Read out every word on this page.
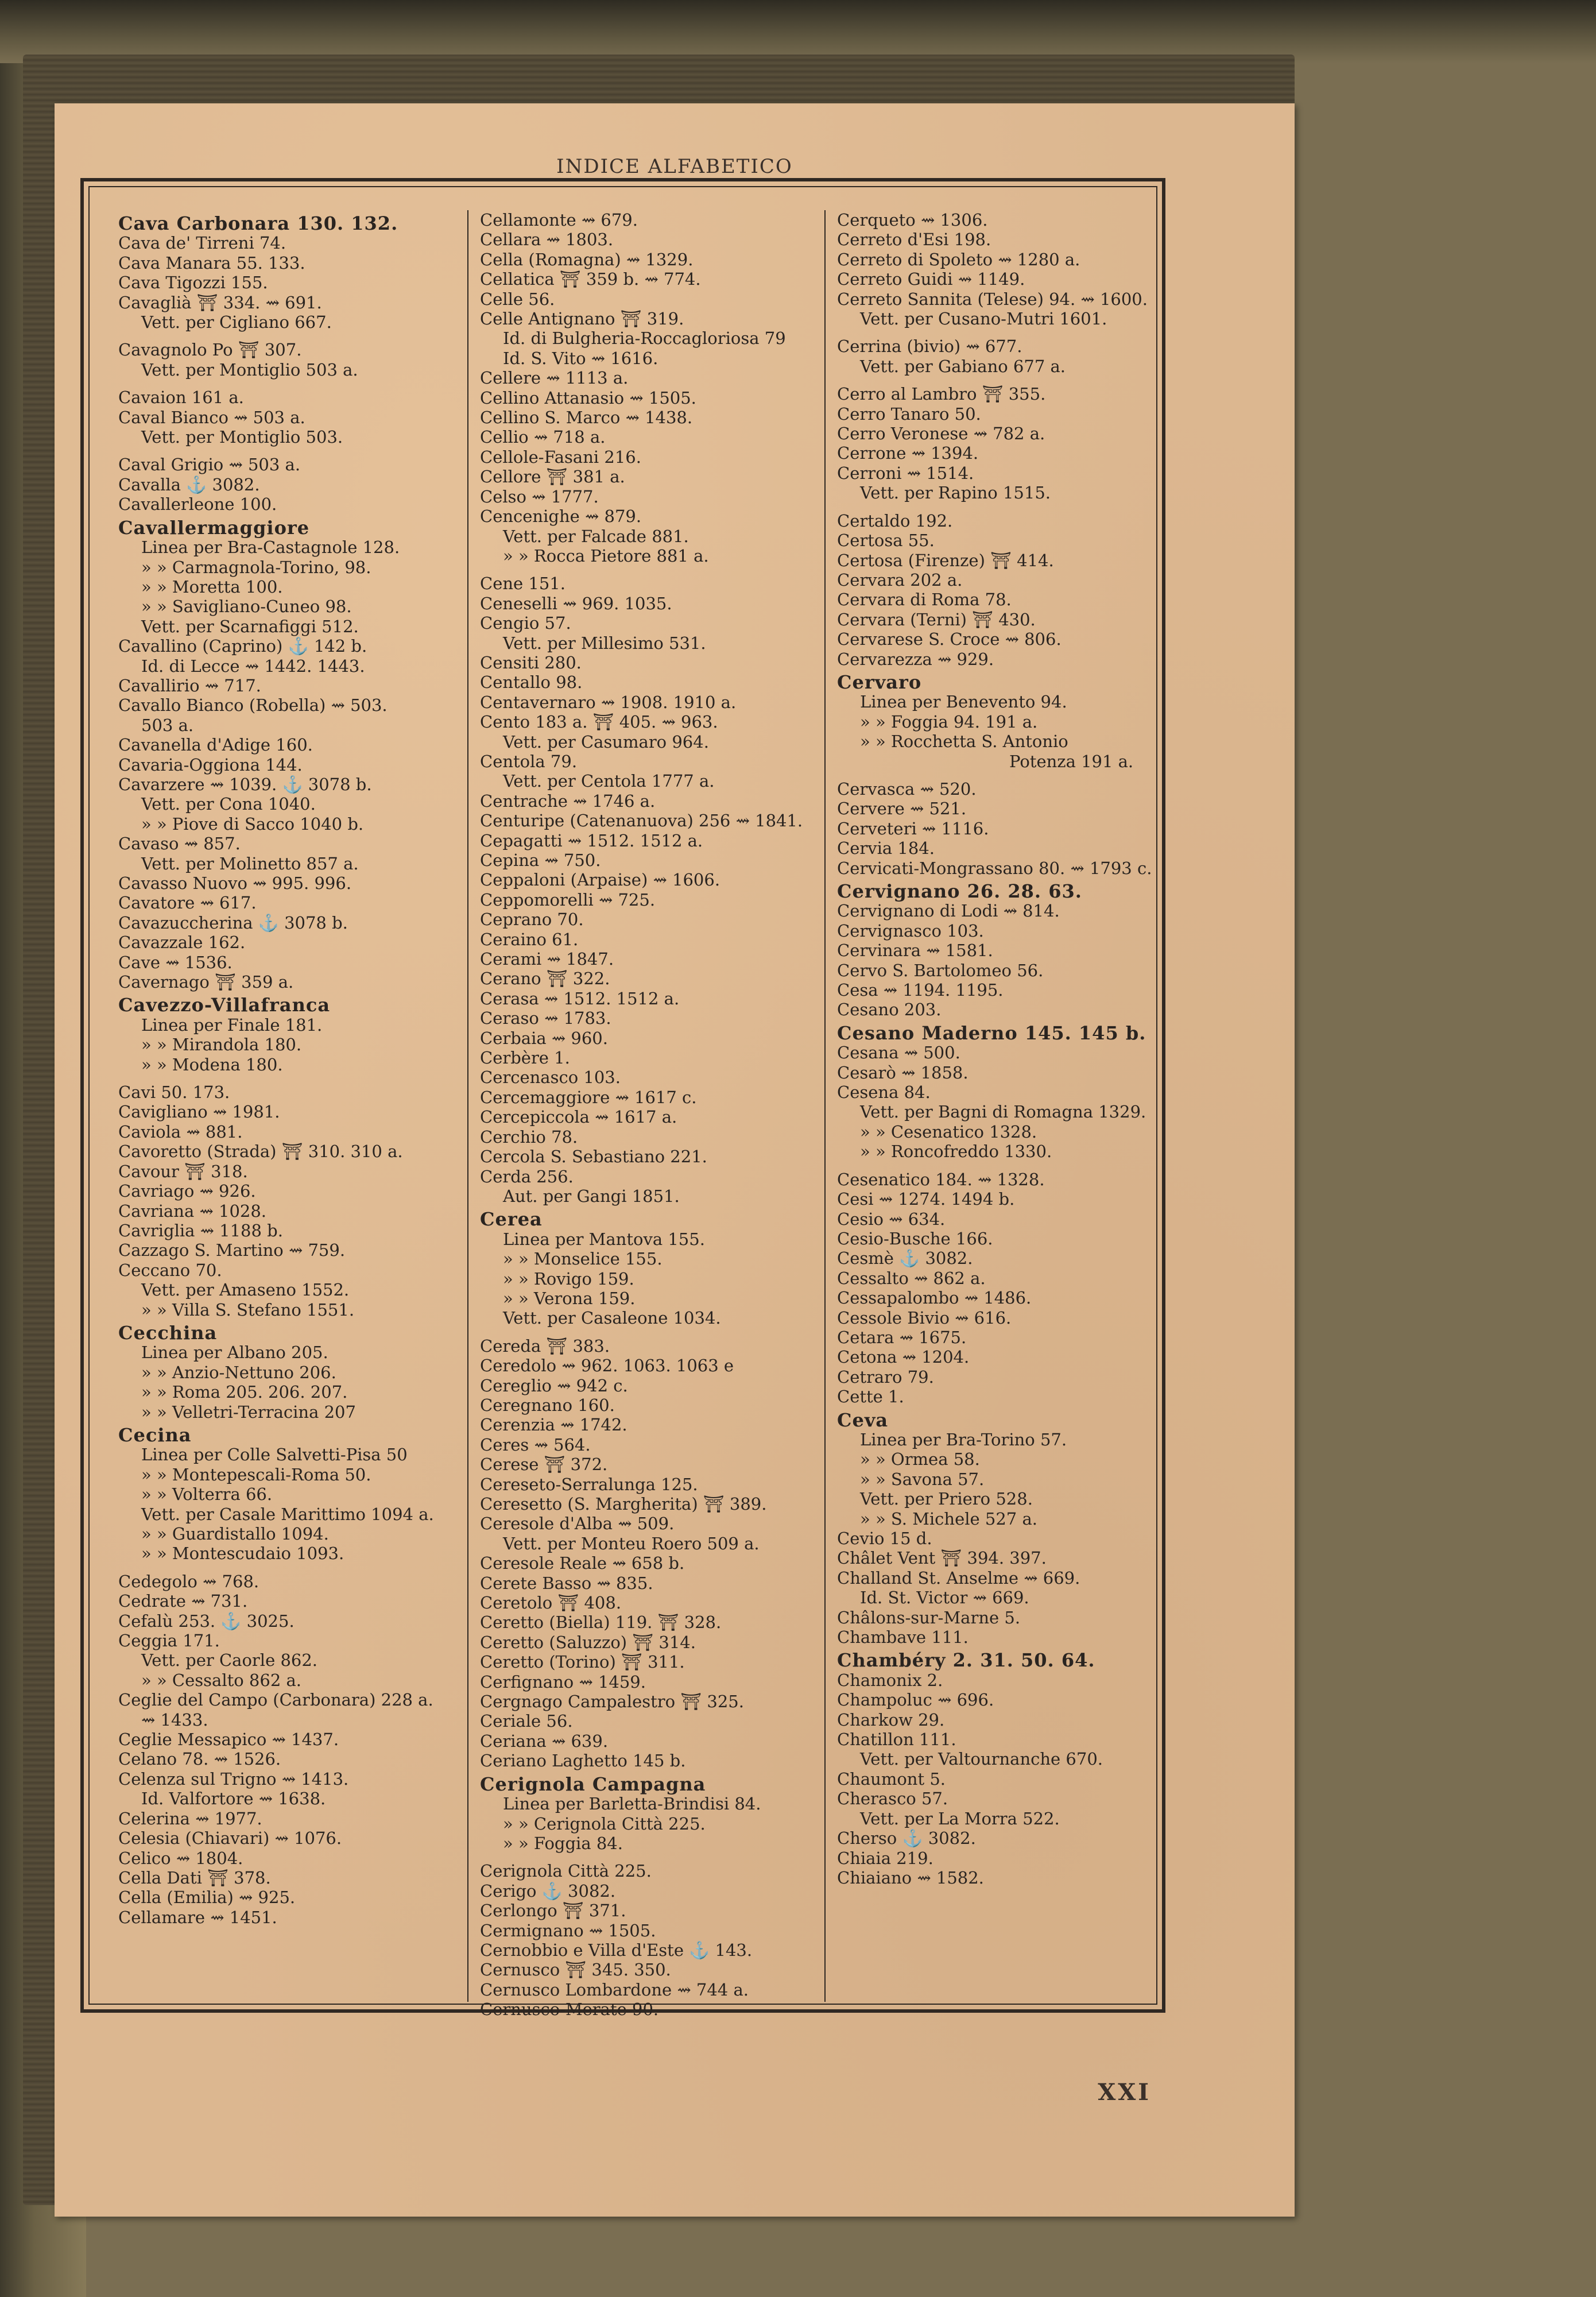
INDICE ALFABETICO
Cava Carbonara 130. 132.
Cava de' Tirreni 74.
Cava Manara 55. 133.
Cava Tigozzi 155.
Cavaglià ⛩ 334. ⇝ 691.
Vett. per Cigliano 667.
Cavagnolo Po ⛩ 307.
Vett. per Montiglio 503 a.
Cavaion 161 a.
Caval Bianco ⇝ 503 a.
Vett. per Montiglio 503.
Caval Grigio ⇝ 503 a.
Cavalla ⚓ 3082.
Cavallerleone 100.
Cavallermaggiore
Linea per Bra-Castagnole 128.
» » Carmagnola-Torino, 98.
» » Moretta 100.
» » Savigliano-Cuneo 98.
Vett. per Scarnafiggi 512.
Cavallino (Caprino) ⚓ 142 b.
Id. di Lecce ⇝ 1442. 1443.
Cavallirio ⇝ 717.
Cavallo Bianco (Robella) ⇝ 503.
503 a.
Cavanella d'Adige 160.
Cavaria-Oggiona 144.
Cavarzere ⇝ 1039. ⚓ 3078 b.
Vett. per Cona 1040.
» » Piove di Sacco 1040 b.
Cavaso ⇝ 857.
Vett. per Molinetto 857 a.
Cavasso Nuovo ⇝ 995. 996.
Cavatore ⇝ 617.
Cavazuccherina ⚓ 3078 b.
Cavazzale 162.
Cave ⇝ 1536.
Cavernago ⛩ 359 a.
Cavezzo-Villafranca
Linea per Finale 181.
» » Mirandola 180.
» » Modena 180.
Cavi 50. 173.
Cavigliano ⇝ 1981.
Caviola ⇝ 881.
Cavoretto (Strada) ⛩ 310. 310 a.
Cavour ⛩ 318.
Cavriago ⇝ 926.
Cavriana ⇝ 1028.
Cavriglia ⇝ 1188 b.
Cazzago S. Martino ⇝ 759.
Ceccano 70.
Vett. per Amaseno 1552.
» » Villa S. Stefano 1551.
Cecchina
Linea per Albano 205.
» » Anzio-Nettuno 206.
» » Roma 205. 206. 207.
» » Velletri-Terracina 207
Cecina
Linea per Colle Salvetti-Pisa 50
» » Montepescali-Roma 50.
» » Volterra 66.
Vett. per Casale Marittimo 1094 a.
» » Guardistallo 1094.
» » Montescudaio 1093.
Cedegolo ⇝ 768.
Cedrate ⇝ 731.
Cefalù 253. ⚓ 3025.
Ceggia 171.
Vett. per Caorle 862.
» » Cessalto 862 a.
Ceglie del Campo (Carbonara) 228 a.
⇝ 1433.
Ceglie Messapico ⇝ 1437.
Celano 78. ⇝ 1526.
Celenza sul Trigno ⇝ 1413.
Id. Valfortore ⇝ 1638.
Celerina ⇝ 1977.
Celesia (Chiavari) ⇝ 1076.
Celico ⇝ 1804.
Cella Dati ⛩ 378.
Cella (Emilia) ⇝ 925.
Cellamare ⇝ 1451.
Cellamonte ⇝ 679.
Cellara ⇝ 1803.
Cella (Romagna) ⇝ 1329.
Cellatica ⛩ 359 b. ⇝ 774.
Celle 56.
Celle Antignano ⛩ 319.
Id. di Bulgheria-Roccagloriosa 79
Id. S. Vito ⇝ 1616.
Cellere ⇝ 1113 a.
Cellino Attanasio ⇝ 1505.
Cellino S. Marco ⇝ 1438.
Cellio ⇝ 718 a.
Cellole-Fasani 216.
Cellore ⛩ 381 a.
Celso ⇝ 1777.
Cencenighe ⇝ 879.
Vett. per Falcade 881.
» » Rocca Pietore 881 a.
Cene 151.
Ceneselli ⇝ 969. 1035.
Cengio 57.
Vett. per Millesimo 531.
Censiti 280.
Centallo 98.
Centavernaro ⇝ 1908. 1910 a.
Cento 183 a. ⛩ 405. ⇝ 963.
Vett. per Casumaro 964.
Centola 79.
Vett. per Centola 1777 a.
Centrache ⇝ 1746 a.
Centuripe (Catenanuova) 256 ⇝ 1841.
Cepagatti ⇝ 1512. 1512 a.
Cepina ⇝ 750.
Ceppaloni (Arpaise) ⇝ 1606.
Ceppomorelli ⇝ 725.
Ceprano 70.
Ceraino 61.
Cerami ⇝ 1847.
Cerano ⛩ 322.
Cerasa ⇝ 1512. 1512 a.
Ceraso ⇝ 1783.
Cerbaia ⇝ 960.
Cerbère 1.
Cercenasco 103.
Cercemaggiore ⇝ 1617 c.
Cercepiccola ⇝ 1617 a.
Cerchio 78.
Cercola S. Sebastiano 221.
Cerda 256.
Aut. per Gangi 1851.
Cerea
Linea per Mantova 155.
» » Monselice 155.
» » Rovigo 159.
» » Verona 159.
Vett. per Casaleone 1034.
Cereda ⛩ 383.
Ceredolo ⇝ 962. 1063. 1063 e
Cereglio ⇝ 942 c.
Ceregnano 160.
Cerenzia ⇝ 1742.
Ceres ⇝ 564.
Cerese ⛩ 372.
Cereseto-Serralunga 125.
Ceresetto (S. Margherita) ⛩ 389.
Ceresole d'Alba ⇝ 509.
Vett. per Monteu Roero 509 a.
Ceresole Reale ⇝ 658 b.
Cerete Basso ⇝ 835.
Ceretolo ⛩ 408.
Ceretto (Biella) 119. ⛩ 328.
Ceretto (Saluzzo) ⛩ 314.
Ceretto (Torino) ⛩ 311.
Cerfignano ⇝ 1459.
Cergnago Campalestro ⛩ 325.
Ceriale 56.
Ceriana ⇝ 639.
Ceriano Laghetto 145 b.
Cerignola Campagna
Linea per Barletta-Brindisi 84.
» » Cerignola Città 225.
» » Foggia 84.
Cerignola Città 225.
Cerigo ⚓ 3082.
Cerlongo ⛩ 371.
Cermignano ⇝ 1505.
Cernobbio e Villa d'Este ⚓ 143.
Cernusco ⛩ 345. 350.
Cernusco Lombardone ⇝ 744 a.
Cernusco-Merate 90.
Cerqueto ⇝ 1306.
Cerreto d'Esi 198.
Cerreto di Spoleto ⇝ 1280 a.
Cerreto Guidi ⇝ 1149.
Cerreto Sannita (Telese) 94. ⇝ 1600.
Vett. per Cusano-Mutri 1601.
Cerrina (bivio) ⇝ 677.
Vett. per Gabiano 677 a.
Cerro al Lambro ⛩ 355.
Cerro Tanaro 50.
Cerro Veronese ⇝ 782 a.
Cerrone ⇝ 1394.
Cerroni ⇝ 1514.
Vett. per Rapino 1515.
Certaldo 192.
Certosa 55.
Certosa (Firenze) ⛩ 414.
Cervara 202 a.
Cervara di Roma 78.
Cervara (Terni) ⛩ 430.
Cervarese S. Croce ⇝ 806.
Cervarezza ⇝ 929.
Cervaro
Linea per Benevento 94.
» » Foggia 94. 191 a.
» » Rocchetta S. Antonio
Potenza 191 a.
Cervasca ⇝ 520.
Cervere ⇝ 521.
Cerveteri ⇝ 1116.
Cervia 184.
Cervicati-Mongrassano 80. ⇝ 1793 c.
Cervignano 26. 28. 63.
Cervignano di Lodi ⇝ 814.
Cervignasco 103.
Cervinara ⇝ 1581.
Cervo S. Bartolomeo 56.
Cesa ⇝ 1194. 1195.
Cesano 203.
Cesano Maderno 145. 145 b.
Cesana ⇝ 500.
Cesarò ⇝ 1858.
Cesena 84.
Vett. per Bagni di Romagna 1329.
» » Cesenatico 1328.
» » Roncofreddo 1330.
Cesenatico 184. ⇝ 1328.
Cesi ⇝ 1274. 1494 b.
Cesio ⇝ 634.
Cesio-Busche 166.
Cesmè ⚓ 3082.
Cessalto ⇝ 862 a.
Cessapalombo ⇝ 1486.
Cessole Bivio ⇝ 616.
Cetara ⇝ 1675.
Cetona ⇝ 1204.
Cetraro 79.
Cette 1.
Ceva
Linea per Bra-Torino 57.
» » Ormea 58.
» » Savona 57.
Vett. per Priero 528.
» » S. Michele 527 a.
Cevio 15 d.
Châlet Vent ⛩ 394. 397.
Challand St. Anselme ⇝ 669.
Id. St. Victor ⇝ 669.
Châlons-sur-Marne 5.
Chambave 111.
Chambéry 2. 31. 50. 64.
Chamonix 2.
Champoluc ⇝ 696.
Charkow 29.
Chatillon 111.
Vett. per Valtournanche 670.
Chaumont 5.
Cherasco 57.
Vett. per La Morra 522.
Cherso ⚓ 3082.
Chiaia 219.
Chiaiano ⇝ 1582.
XXI
